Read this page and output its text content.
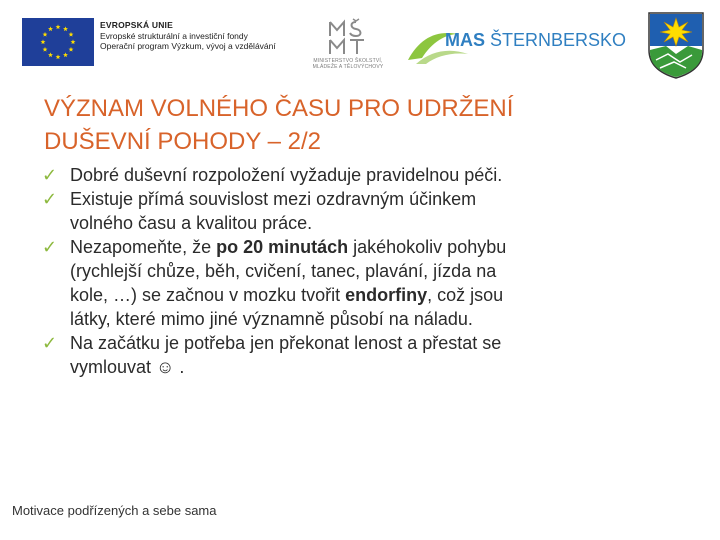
EVROPSKÁ UNIE
Evropské strukturální a investiční fondy
Operační program Výzkum, vývoj a vzdělávání
MINISTERSTVO ŠKOLSTVÍ,
MLÁDEŽE A TĚLOVÝCHOVY
MAS ŠTERNBERSKO
VÝZNAM VOLNÉHO ČASU PRO UDRŽENÍ
DUŠEVNÍ POHODY – 2/2
✓ Dobré duševní rozpoložení vyžaduje pravidelnou péči.
✓ Existuje přímá souvislost mezi ozdravným účinkem
volného času a kvalitou práce.
✓ Nezapomeňte, že po 20 minutách jakéhokoliv pohybu
(rychlejší chůze, běh, cvičení, tanec, plavání, jízda na
kole, …) se začnou v mozku tvořit endorfiny, což jsou
látky, které mimo jiné významně působí na náladu.
✓ Na začátku je potřeba jen překonat lenost a přestat se
vymlouvat ☺ .
Motivace podřízených a sebe sama
